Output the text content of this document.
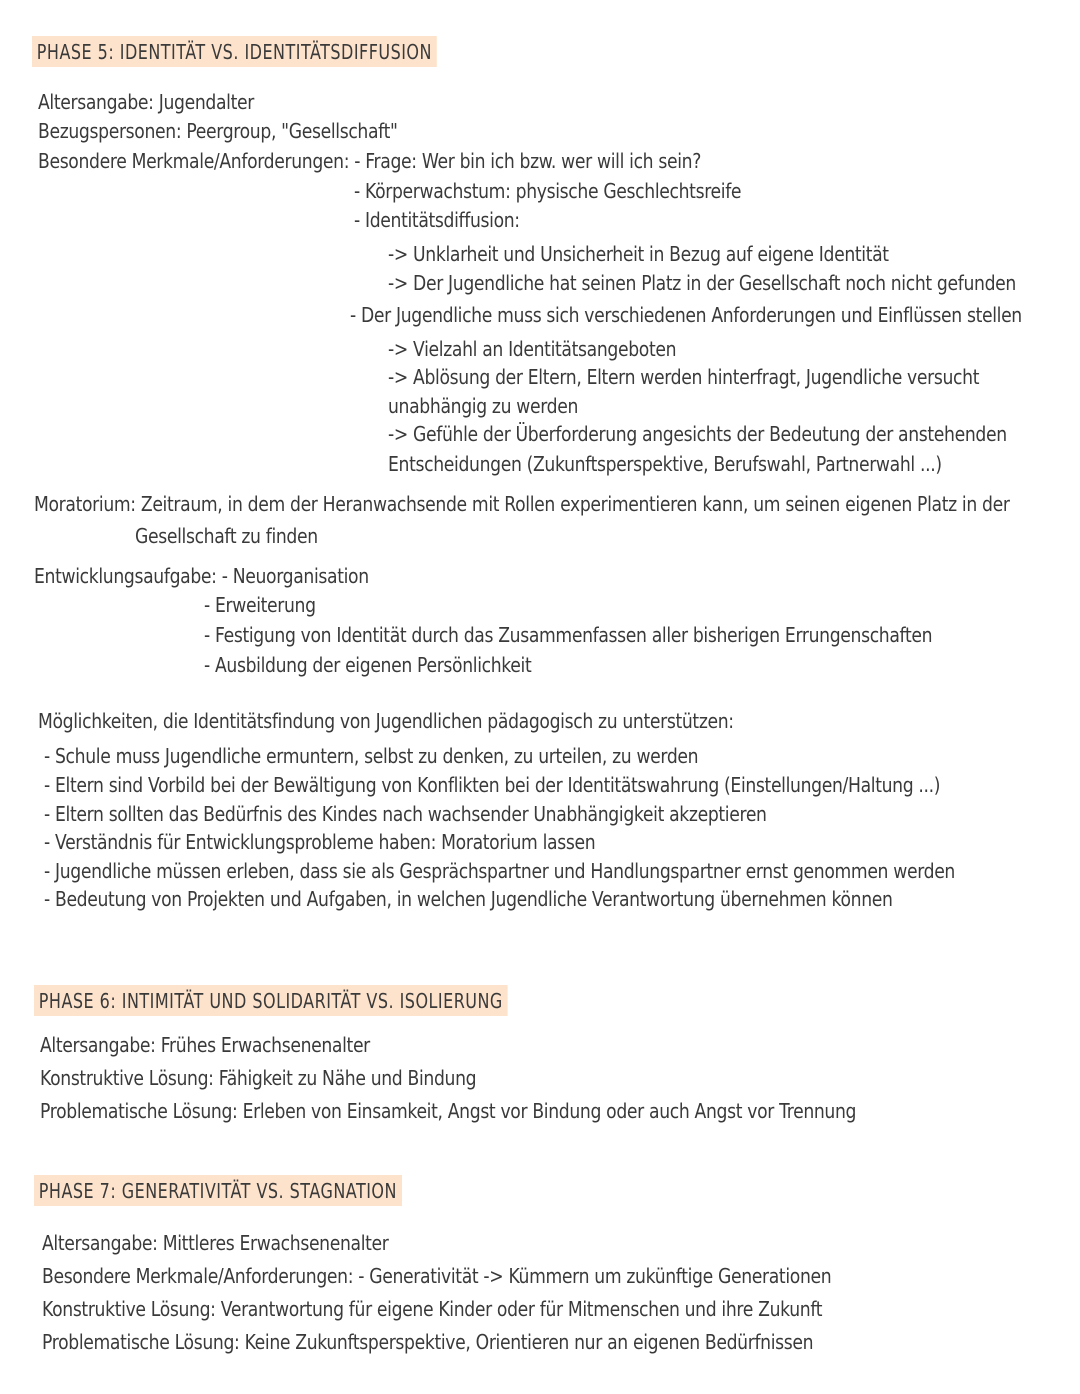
PHASE 5: IDENTITÄT VS. IDENTITÄTSDIFFUSION
Altersangabe: Jugendalter
Bezugspersonen: Peergroup, "Gesellschaft"
Besondere Merkmale/Anforderungen: - Frage: Wer bin ich bzw. wer will ich sein?
- Körperwachstum: physische Geschlechtsreife
- Identitätsdiffusion:
-> Unklarheit und Unsicherheit in Bezug auf eigene Identität
-> Der Jugendliche hat seinen Platz in der Gesellschaft noch nicht gefunden
- Der Jugendliche muss sich verschiedenen Anforderungen und Einflüssen stellen
-> Vielzahl an Identitätsangeboten
-> Ablösung der Eltern, Eltern werden hinterfragt, Jugendliche versucht
unabhängig zu werden
-> Gefühle der Überforderung angesichts der Bedeutung der anstehenden
Entscheidungen (Zukunftsperspektive, Berufswahl, Partnerwahl ...)
Moratorium: Zeitraum, in dem der Heranwachsende mit Rollen experimentieren kann, um seinen eigenen Platz in der
Gesellschaft zu finden
Entwicklungsaufgabe: - Neuorganisation
- Erweiterung
- Festigung von Identität durch das Zusammenfassen aller bisherigen Errungenschaften
- Ausbildung der eigenen Persönlichkeit
Möglichkeiten, die Identitätsfindung von Jugendlichen pädagogisch zu unterstützen:
- Schule muss Jugendliche ermuntern, selbst zu denken, zu urteilen, zu werden
- Eltern sind Vorbild bei der Bewältigung von Konflikten bei der Identitätswahrung (Einstellungen/Haltung ...)
- Eltern sollten das Bedürfnis des Kindes nach wachsender Unabhängigkeit akzeptieren
- Verständnis für Entwicklungsprobleme haben: Moratorium lassen
- Jugendliche müssen erleben, dass sie als Gesprächspartner und Handlungspartner ernst genommen werden
- Bedeutung von Projekten und Aufgaben, in welchen Jugendliche Verantwortung übernehmen können
PHASE 6: INTIMITÄT UND SOLIDARITÄT VS. ISOLIERUNG
Altersangabe: Frühes Erwachsenenalter
Konstruktive Lösung: Fähigkeit zu Nähe und Bindung
Problematische Lösung: Erleben von Einsamkeit, Angst vor Bindung oder auch Angst vor Trennung
PHASE 7: GENERATIVITÄT VS. STAGNATION
Altersangabe: Mittleres Erwachsenenalter
Besondere Merkmale/Anforderungen: - Generativität -> Kümmern um zukünftige Generationen
Konstruktive Lösung: Verantwortung für eigene Kinder oder für Mitmenschen und ihre Zukunft
Problematische Lösung: Keine Zukunftsperspektive, Orientieren nur an eigenen Bedürfnissen
